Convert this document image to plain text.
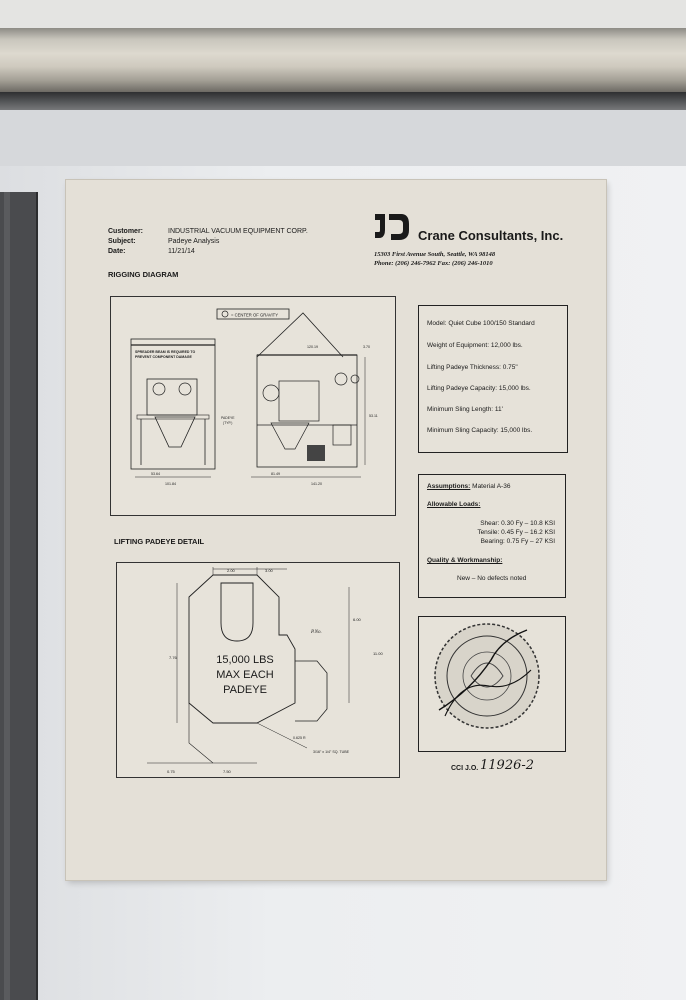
Customer:	INDUSTRIAL VACUUM EQUIPMENT CORP.
Subject:	Padeye Analysis
Date:	11/21/14
Crane Consultants, Inc.
15303 First Avenue South, Seattle, WA 98148
Phone: (206) 246-7962 Fax: (206) 246-1010
RIGGING DIAGRAM
= CENTER OF GRAVITY
SPREADER BEAM IS REQUIRED TO
PREVENT COMPONENT DAMAGE
53.64
101.84
120.19	3.70
PADEYE
(TYP.)
81.49
141.20
53.11
LIFTING PADEYE DETAIL
2.00	3.00
7.76
6.00
11.00
0.75	7.50
0.625 R
3/16" x 1/4" SQ. TUBE
P.No.
15,000 LBS
MAX EACH
PADEYE
Model: Quiet Cube 100/150 Standard
Weight of Equipment: 12,000 lbs.
Lifting Padeye Thickness: 0.75"
Lifting Padeye Capacity: 15,000 lbs.
Minimum Sling Length: 11'
Minimum Sling Capacity: 15,000 lbs.
Assumptions: Material A-36
Allowable Loads:
Shear: 0.30 Fy – 10.8 KSI
Tensile: 0.45 Fy – 16.2 KSI
Bearing: 0.75 Fy – 27 KSI
Quality & Workmanship:
New – No defects noted
CCI J.O. 11926-2
